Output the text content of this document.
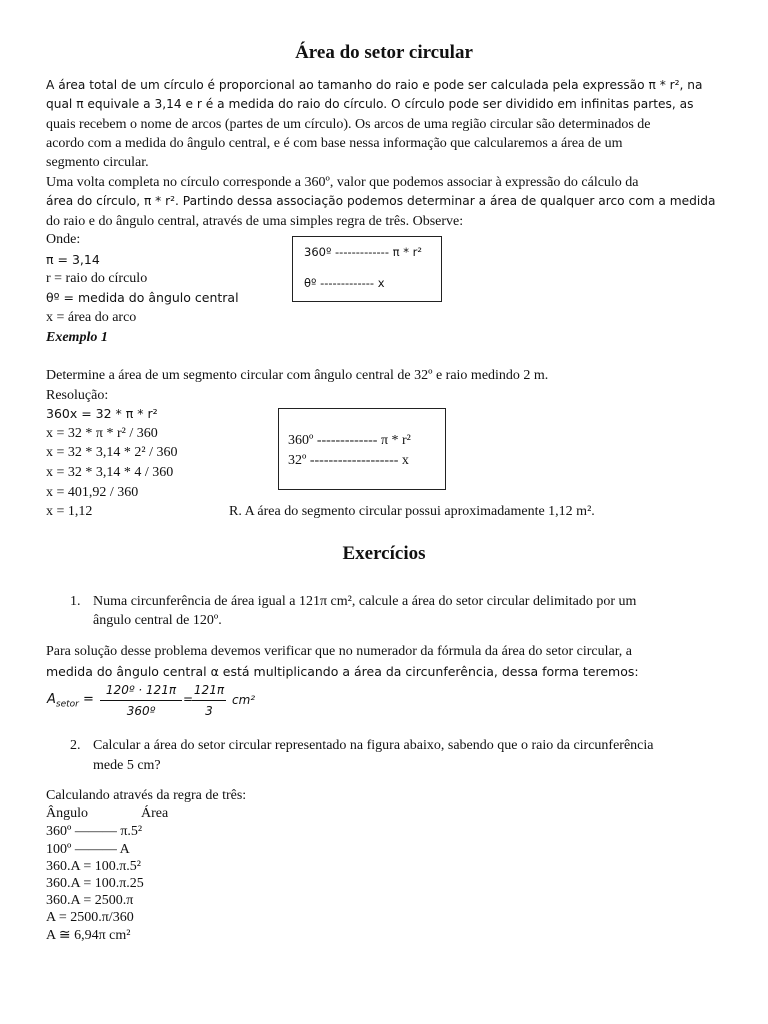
Área do setor circular
A área total de um círculo é proporcional ao tamanho do raio e pode ser calculada pela expressão π * r², na
qual π equivale a 3,14 e r é a medida do raio do círculo. O círculo pode ser dividido em infinitas partes, as
quais recebem o nome de arcos (partes de um círculo). Os arcos de uma região circular são determinados de
acordo com a medida do ângulo central, e é com base nessa informação que calcularemos a área de um
segmento circular.
Uma volta completa no círculo corresponde a 360º, valor que podemos associar à expressão do cálculo da
área do círculo, π * r². Partindo dessa associação podemos determinar a área de qualquer arco com a medida
do raio e do ângulo central, através de uma simples regra de três. Observe:
Onde:
π = 3,14
r = raio do círculo
θº = medida do ângulo central
x = área do arco
360º ------------- π * r²
θº ------------- x
Exemplo 1
Determine a área de um segmento circular com ângulo central de 32º e raio medindo 2 m.
Resolução:
360x = 32 * π * r²
x = 32 * π * r² / 360
x = 32 * 3,14 * 2² / 360
x = 32 * 3,14 * 4 / 360
x = 401,92 / 360
x = 1,12
360º ------------- π * r²
32º ------------------- x
R. A área do segmento circular possui aproximadamente 1,12 m².
Exercícios
1. Numa circunferência de área igual a 121π cm², calcule a área do setor circular delimitado por um
ângulo central de 120º.
Para solução desse problema devemos verificar que no numerador da fórmula da área do setor circular, a
medida do ângulo central α está multiplicando a área da circunferência, dessa forma teremos:
$A_{setor}$ =
120º · 121π
360º
=
121π
3
cm²
2. Calcular a área do setor circular representado na figura abaixo, sabendo que o raio da circunferência
mede 5 cm?
Calculando através da regra de três:
Ângulo	Área
360º ——— π.5²
100º ——— A
360.A = 100.π.5²
360.A = 100.π.25
360.A = 2500.π
A = 2500.π/360
A ≅ 6,94π cm²
